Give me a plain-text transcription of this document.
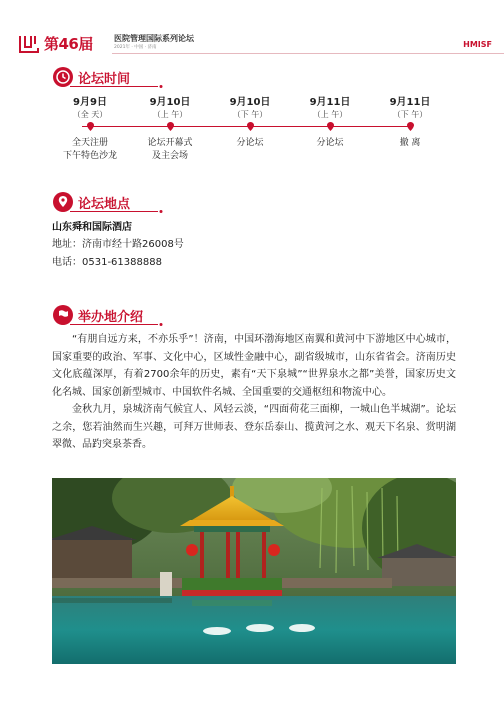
第46届	医院管理国际系列论坛
2021年 · 中国 · 济南	HMISF
论坛时间
9月9日
（全 天）
全天注册
下午特色沙龙
9月10日
（上 午）
论坛开幕式
及主会场
9月10日
（下 午）
分论坛
9月11日
（上 午）
分论坛
9月11日
（下 午）
撤 离
论坛地点
山东舜和国际酒店
地址：济南市经十路26008号
电话：0531-61388888
举办地介绍

“有朋自远方来，不亦乐乎”！济南，中国环渤海地区南翼和黄河中下游地区中心城市，国家重要的政治、军事、文化中心，区域性金融中心，副省级城市，山东省省会。济南历史文化底蕴深厚，有着2700余年的历史，素有“天下泉城”“世界泉水之都”美誉，国家历史文化名城、国家创新型城市、中国软件名城、全国重要的交通枢纽和物流中心。

金秋九月，泉城济南气候宜人、风轻云淡，“四面荷花三面柳，一城山色半城湖”。论坛之余，您若油然而生兴趣，可拜万世师表、登东岳泰山、揽黄河之水、观天下名泉、赏明湖翠微、品趵突泉茶香。
